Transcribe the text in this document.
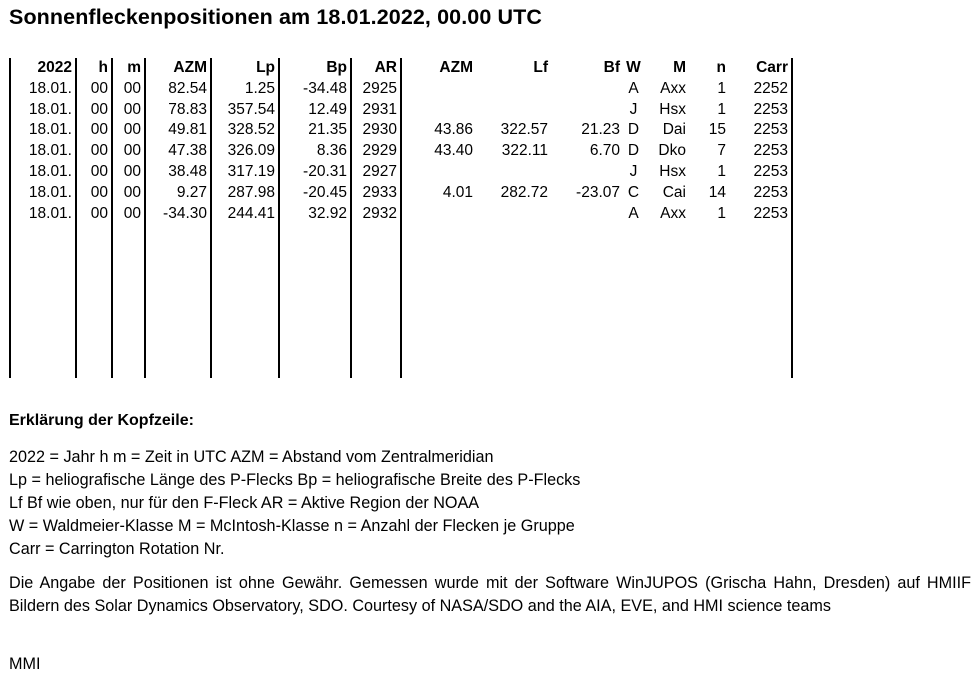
Sonnenfleckenpositionen am 18.01.2022, 00.00 UTC
2022	h	m	AZM	Lp	Bp	AR	AZM	Lf	Bf	W	M	n	Carr
18.01.	00	00	82.54	1.25	-34.48	2925				A	Axx	1	2252
18.01.	00	00	78.83	357.54	12.49	2931				J	Hsx	1	2253
18.01.	00	00	49.81	328.52	21.35	2930	43.86	322.57	21.23	D	Dai	15	2253
18.01.	00	00	47.38	326.09	8.36	2929	43.40	322.11	6.70	D	Dko	7	2253
18.01.	00	00	38.48	317.19	-20.31	2927				J	Hsx	1	2253
18.01.	00	00	9.27	287.98	-20.45	2933	4.01	282.72	-23.07	C	Cai	14	2253
18.01.	00	00	-34.30	244.41	32.92	2932				A	Axx	1	2253

Erklärung der Kopfzeile:
2022 = Jahr h m = Zeit in UTC AZM = Abstand vom Zentralmeridian
Lp = heliografische Länge des P-Flecks Bp = heliografische Breite des P-Flecks
Lf Bf wie oben, nur für den F-Fleck AR = Aktive Region der NOAA
W = Waldmeier-Klasse M = McIntosh-Klasse n = Anzahl der Flecken je Gruppe
Carr = Carrington Rotation Nr.
Die Angabe der Positionen ist ohne Gewähr. Gemessen wurde mit der Software WinJUPOS (Grischa Hahn, Dresden) auf HMIIF Bildern des Solar Dynamics Observatory, SDO. Courtesy of NASA/SDO and the AIA, EVE, and HMI science teams
MMI
